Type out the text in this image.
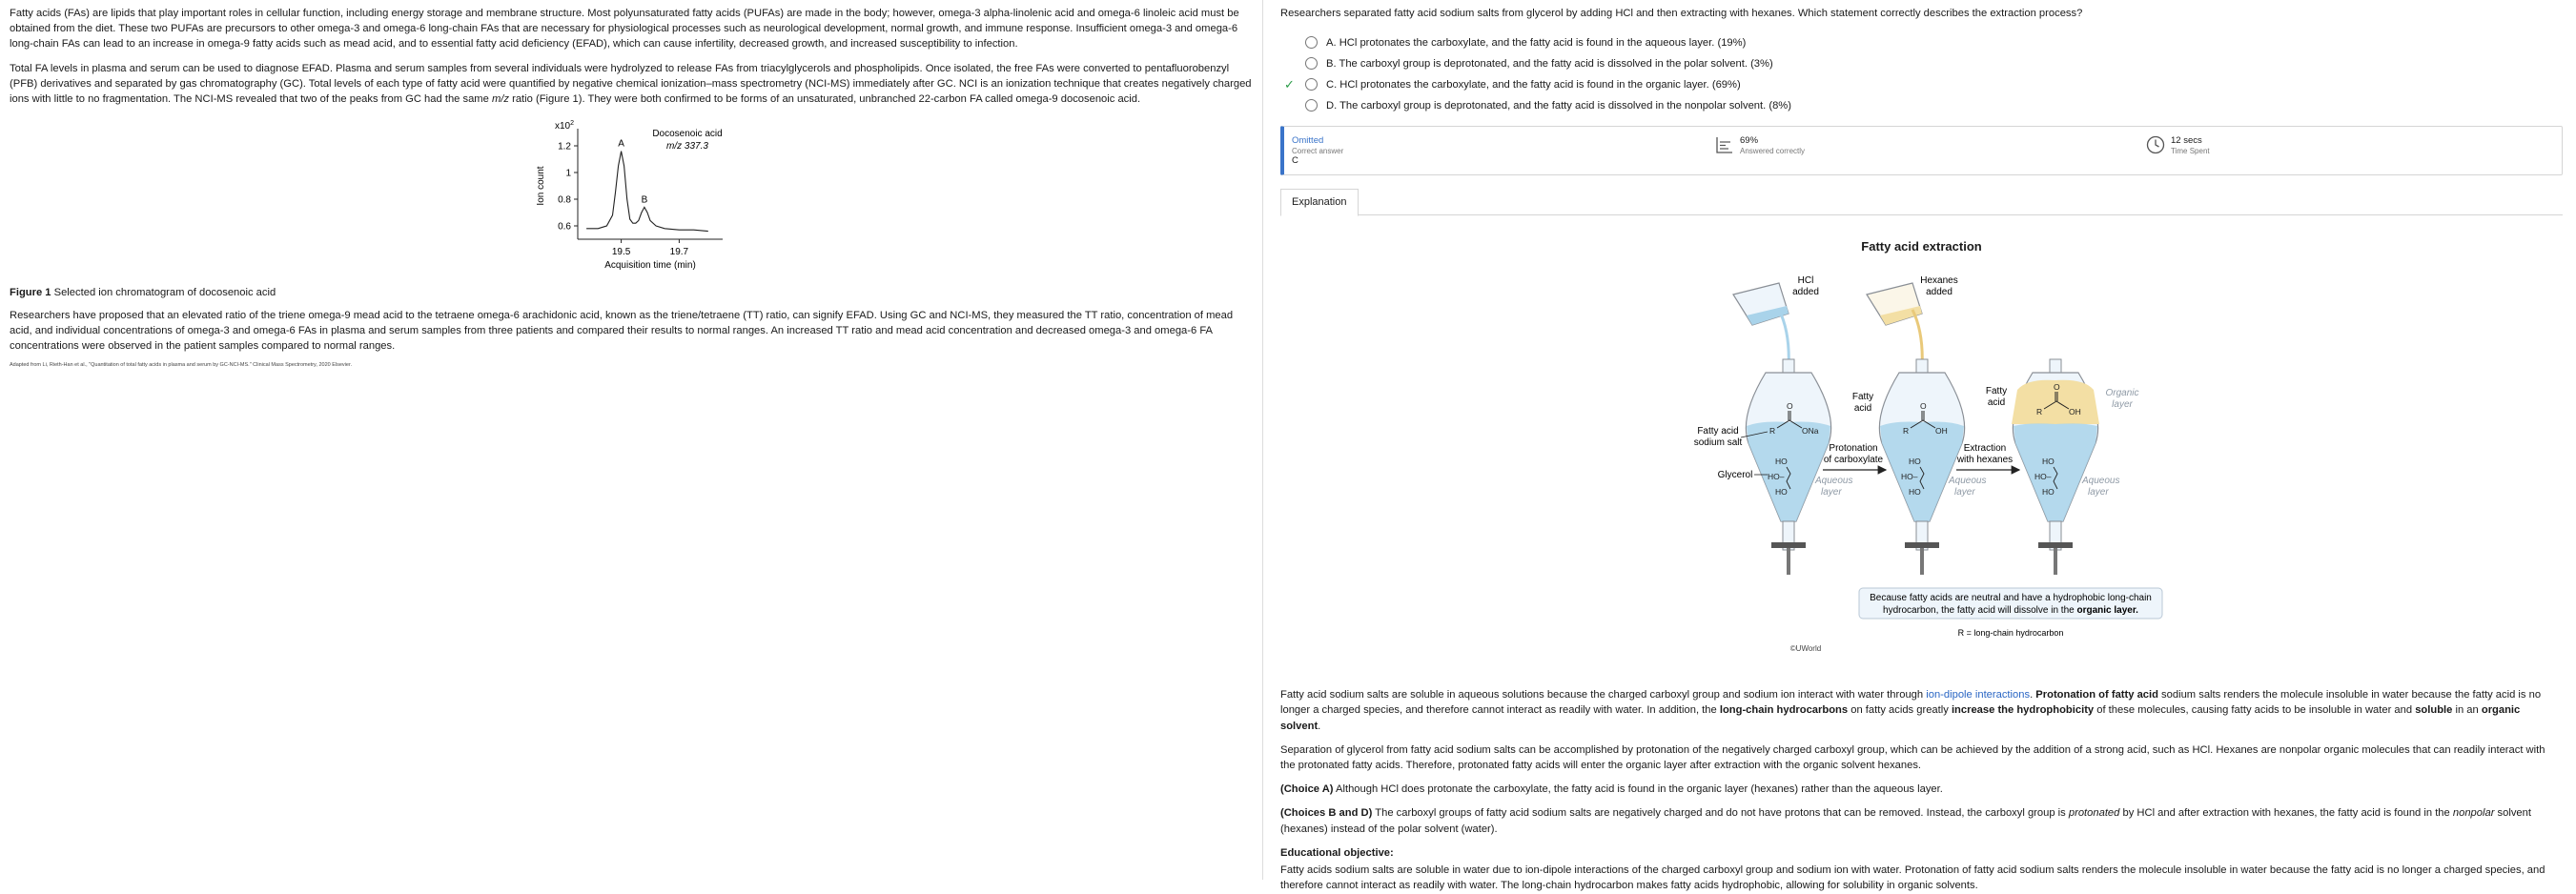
Fatty acids (FAs) are lipids that play important roles in cellular function, including energy storage and membrane structure. Most polyunsaturated fatty acids (PUFAs) are made in the body; however, omega-3 alpha-linolenic acid and omega-6 linoleic acid must be obtained from the diet. These two PUFAs are precursors to other omega-3 and omega-6 long-chain FAs that are necessary for physiological processes such as neurological development, normal growth, and immune response. Insufficient omega-3 and omega-6 long-chain FAs can lead to an increase in omega-9 fatty acids such as mead acid, and to essential fatty acid deficiency (EFAD), which can cause infertility, decreased growth, and increased susceptibility to infection.

Total FA levels in plasma and serum can be used to diagnose EFAD. Plasma and serum samples from several individuals were hydrolyzed to release FAs from triacylglycerols and phospholipids. Once isolated, the free FAs were converted to pentafluorobenzyl (PFB) derivatives and separated by gas chromatography (GC). Total levels of each type of fatty acid were quantified by negative chemical ionization–mass spectrometry (NCI-MS) immediately after GC. NCI is an ionization technique that creates negatively charged ions with little to no fragmentation. The NCI-MS revealed that two of the peaks from GC had the same m/z ratio (Figure 1). They were both confirmed to be forms of an unsaturated, unbranched 22-carbon FA called omega-9 docosenoic acid.

0.6
0.8
1
1.2
19.5	19.7
$x10^2$
Ion count
Acquisition time (min)
Docosenoic acid
m/z 337.3
A
B

Figure 1 Selected ion chromatogram of docosenoic acid

Researchers have proposed that an elevated ratio of the triene omega-9 mead acid to the tetraene omega-6 arachidonic acid, known as the triene/tetraene (TT) ratio, can signify EFAD. Using GC and NCI-MS, they measured the TT ratio, concentration of mead acid, and individual concentrations of omega-3 and omega-6 FAs in plasma and serum samples from three patients and compared their results to normal ranges. An increased TT ratio and mead acid concentration and decreased omega-3 and omega-6 FA concentrations were observed in the patient samples compared to normal ranges.

Adapted from Li, Rieth-Han et al., "Quantitation of total fatty acids in plasma and serum by GC-NCI-MS." Clinical Mass Spectrometry, 2020 Elsevier.
Researchers separated fatty acid sodium salts from glycerol by adding HCl and then extracting with hexanes. Which statement correctly describes the extraction process?
A. HCl protonates the carboxylate, and the fatty acid is found in the aqueous layer. (19%)
B. The carboxyl group is deprotonated, and the fatty acid is dissolved in the polar solvent. (3%)
✓	C. HCl protonates the carboxylate, and the fatty acid is found in the organic layer. (69%)
D. The carboxyl group is deprotonated, and the fatty acid is dissolved in the nonpolar solvent. (8%)
Omitted
Correct answer
C
69%
Answered correctly
12 secs
Time Spent
Explanation
Fatty acid extraction
HCl
added
Hexanes
added
O
R	ONa
HO
HO–
HO
O
R	OH
HO
HO–
HO
O
R	OH
HO
HO–
HO
Fatty acid
sodium salt
Glycerol
Fatty
acid
Fatty
acid
Organic
layer
Aqueous
layer
Aqueous
layer
Aqueous
layer
Protonation
of carboxylate
Extraction
with hexanes
Because fatty acids are neutral and have a hydrophobic long-chain
hydrocarbon, the fatty acid will dissolve in the organic layer.
R = long-chain hydrocarbon
©UWorld

Fatty acid sodium salts are soluble in aqueous solutions because the charged carboxyl group and sodium ion interact with water through ion-dipole interactions. Protonation of fatty acid sodium salts renders the molecule insoluble in water because the fatty acid is no longer a charged species, and therefore cannot interact as readily with water. In addition, the long-chain hydrocarbons on fatty acids greatly increase the hydrophobicity of these molecules, causing fatty acids to be insoluble in water and soluble in an organic solvent.

Separation of glycerol from fatty acid sodium salts can be accomplished by protonation of the negatively charged carboxyl group, which can be achieved by the addition of a strong acid, such as HCl. Hexanes are nonpolar organic molecules that can readily interact with the protonated fatty acids. Therefore, protonated fatty acids will enter the organic layer after extraction with the organic solvent hexanes.

(Choice A) Although HCl does protonate the carboxylate, the fatty acid is found in the organic layer (hexanes) rather than the aqueous layer.

(Choices B and D) The carboxyl groups of fatty acid sodium salts are negatively charged and do not have protons that can be removed. Instead, the carboxyl group is protonated by HCl and after extraction with hexanes, the fatty acid is found in the nonpolar solvent (hexanes) instead of the polar solvent (water).

Educational objective:

Fatty acids sodium salts are soluble in water due to ion-dipole interactions of the charged carboxyl group and sodium ion with water. Protonation of fatty acid sodium salts renders the molecule insoluble in water because the fatty acid is no longer a charged species, and therefore cannot interact as readily with water. The long-chain hydrocarbon makes fatty acids hydrophobic, allowing for solubility in organic solvents.
